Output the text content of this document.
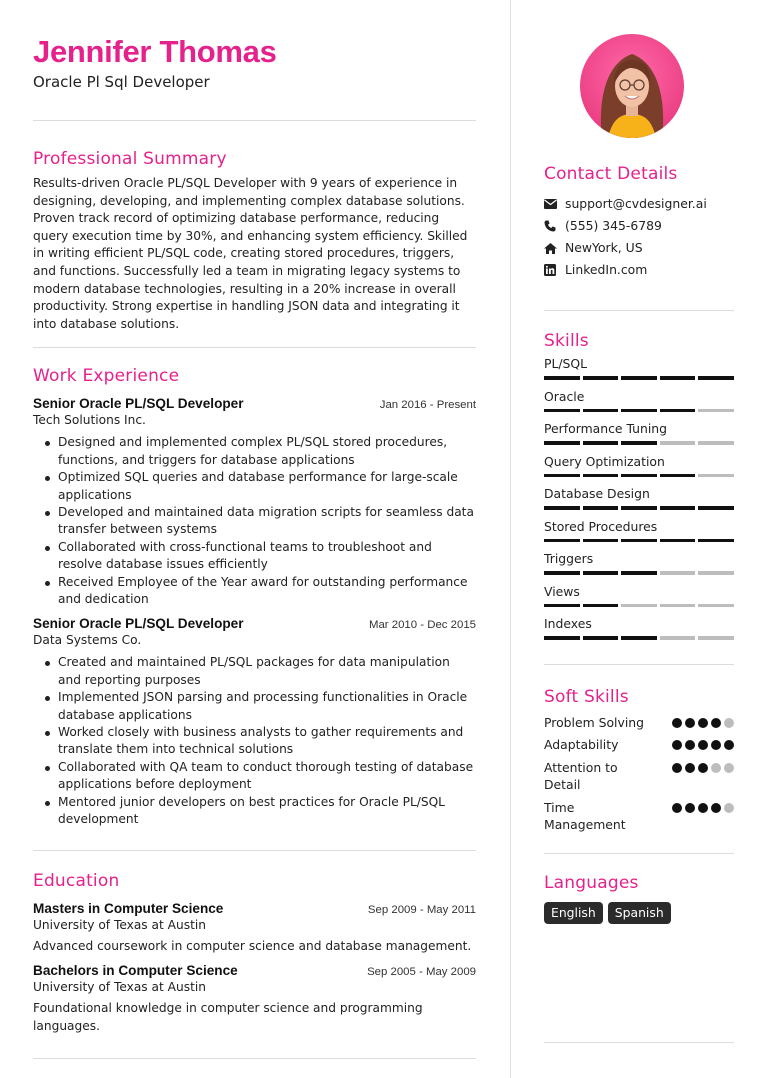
Jennifer Thomas
Oracle Pl Sql Developer
Professional Summary
Results-driven Oracle PL/SQL Developer with 9 years of experience in designing, developing, and implementing complex database solutions. Proven track record of optimizing database performance, reducing query execution time by 30%, and enhancing system efficiency. Skilled in writing efficient PL/SQL code, creating stored procedures, triggers, and functions. Successfully led a team in migrating legacy systems to modern database technologies, resulting in a 20% increase in overall productivity. Strong expertise in handling JSON data and integrating it into database solutions.
Work Experience
Senior Oracle PL/SQL Developer	Jan 2016 - Present
Tech Solutions Inc.
Designed and implemented complex PL/SQL stored procedures, functions, and triggers for database applications
Optimized SQL queries and database performance for large-scale applications
Developed and maintained data migration scripts for seamless data transfer between systems
Collaborated with cross-functional teams to troubleshoot and resolve database issues efficiently
Received Employee of the Year award for outstanding performance and dedication
Senior Oracle PL/SQL Developer	Mar 2010 - Dec 2015
Data Systems Co.
Created and maintained PL/SQL packages for data manipulation and reporting purposes
Implemented JSON parsing and processing functionalities in Oracle database applications
Worked closely with business analysts to gather requirements and translate them into technical solutions
Collaborated with QA team to conduct thorough testing of database applications before deployment
Mentored junior developers on best practices for Oracle PL/SQL development
Education
Masters in Computer Science	Sep 2009 - May 2011
University of Texas at Austin
Advanced coursework in computer science and database management.
Bachelors in Computer Science	Sep 2005 - May 2009
University of Texas at Austin
Foundational knowledge in computer science and programming languages.
Contact Details
support@cvdesigner.ai
(555) 345-6789
NewYork, US
LinkedIn.com
Skills
PL/SQL
Oracle
Performance Tuning
Query Optimization
Database Design
Stored Procedures
Triggers
Views
Indexes
Soft Skills
Problem Solving
Adaptability
Attention to Detail
Time Management
Languages
English	Spanish
